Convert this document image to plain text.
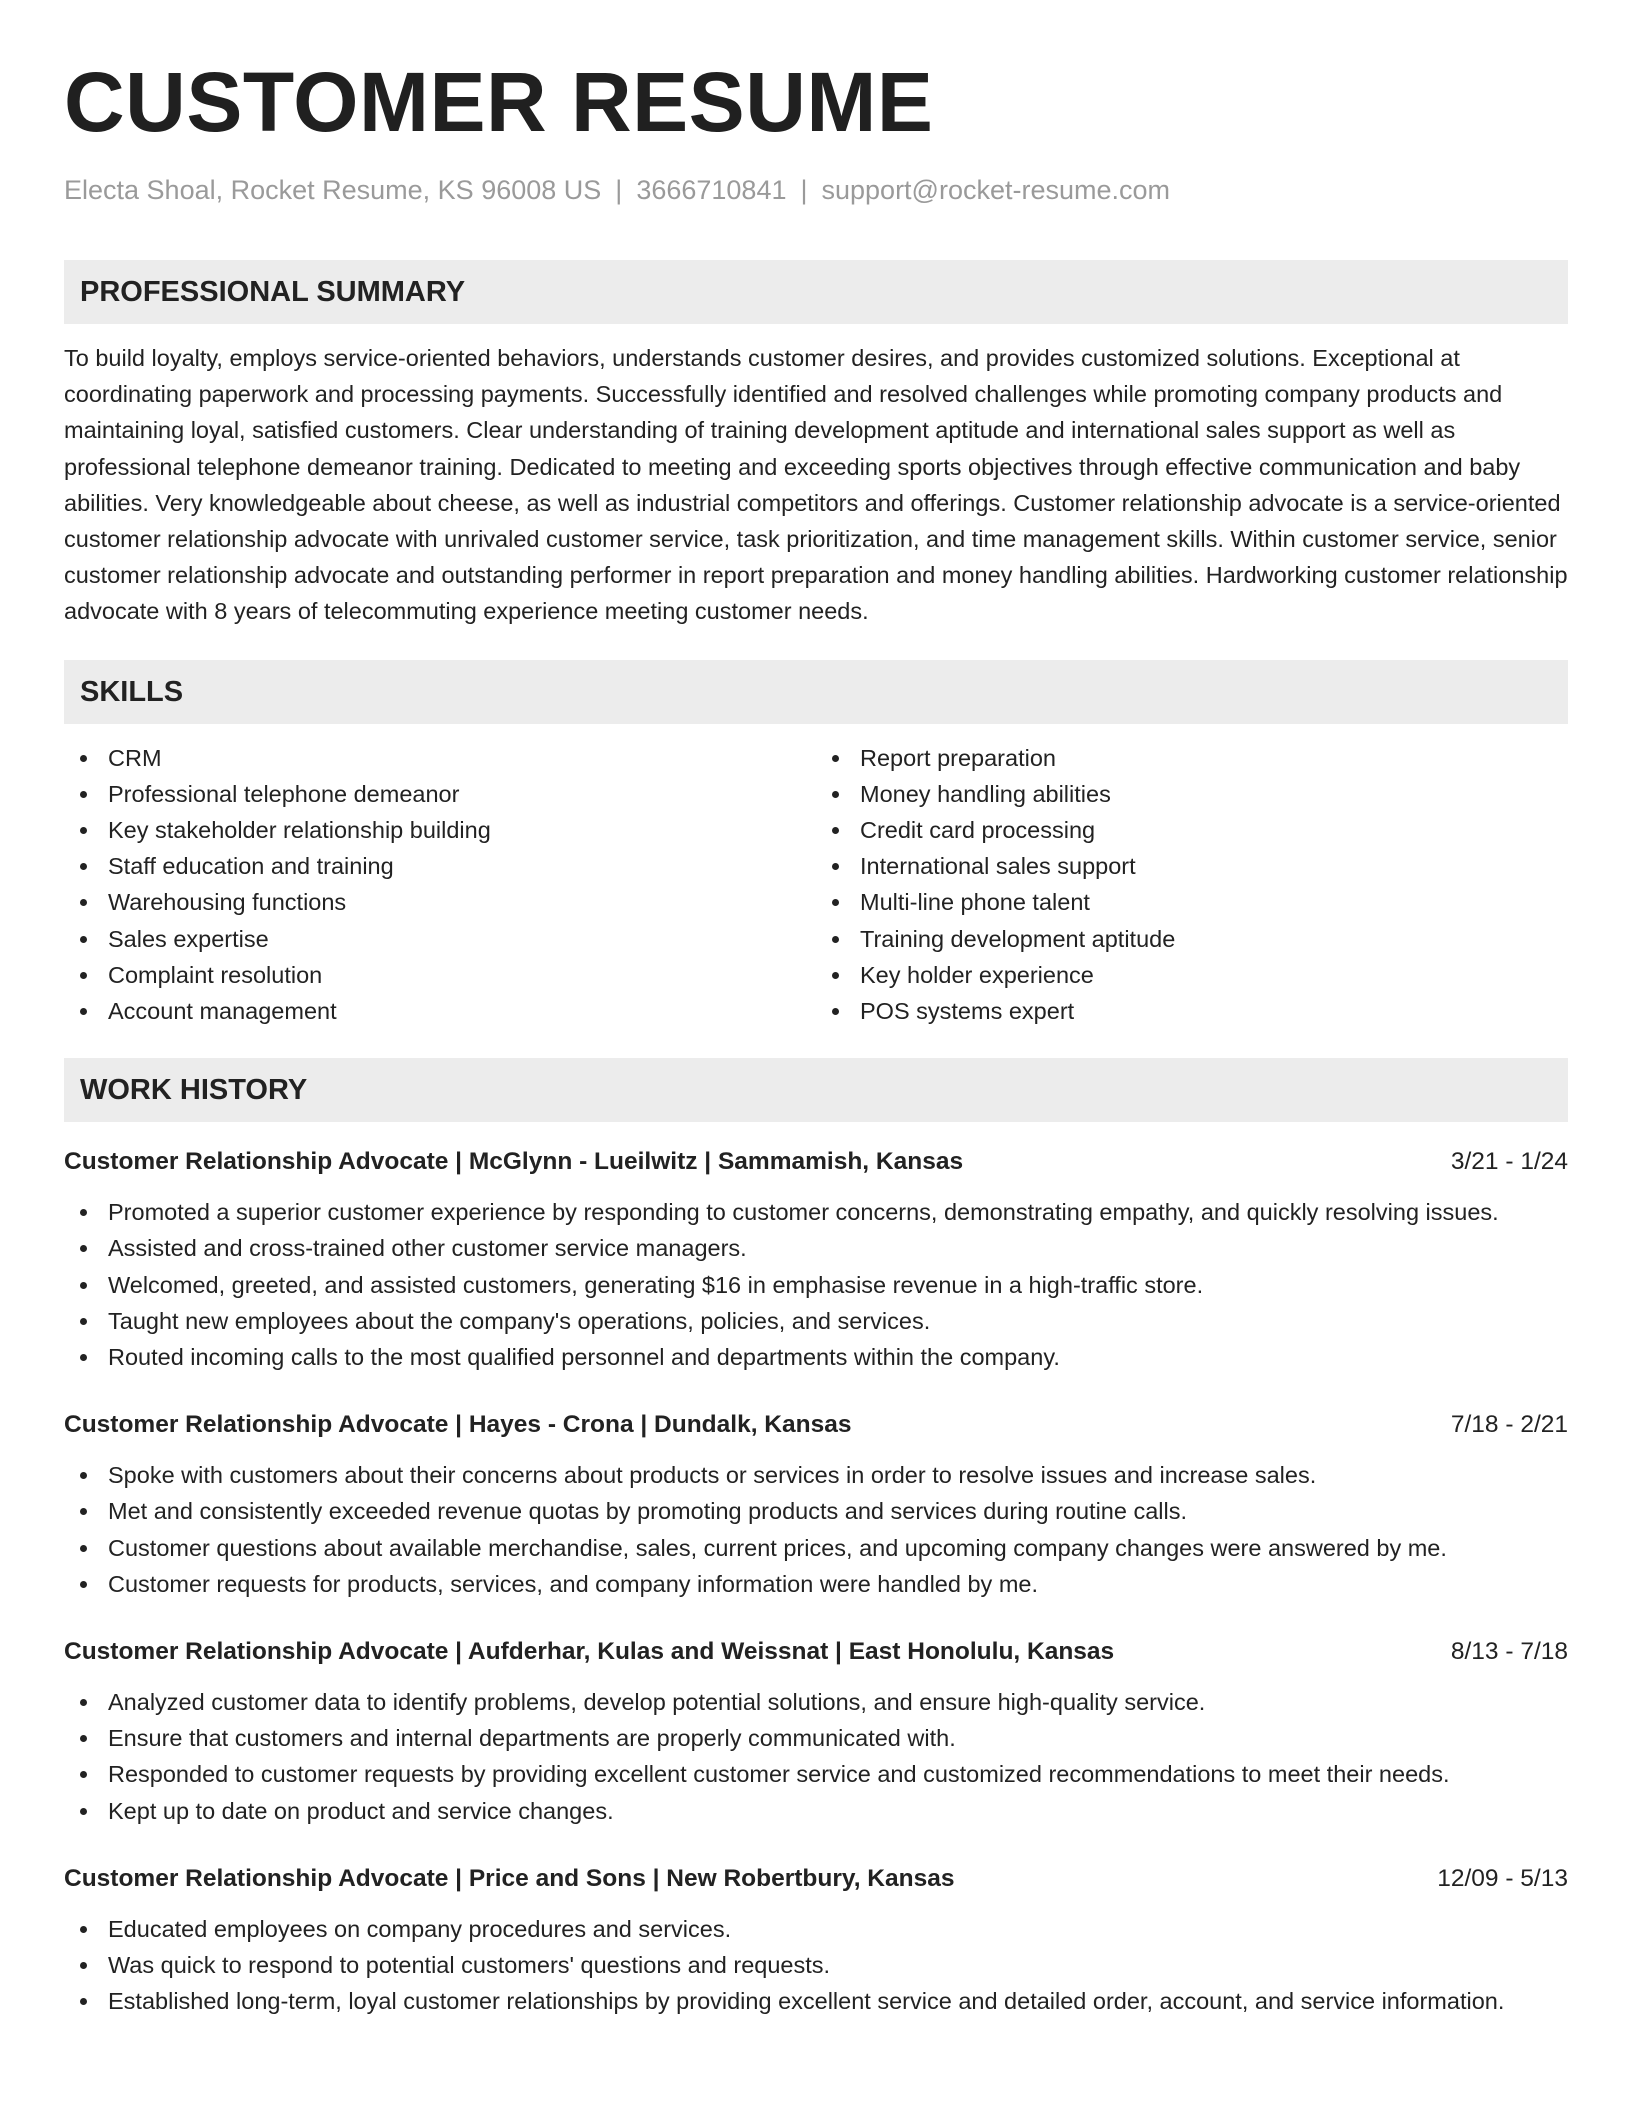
CUSTOMER RESUME
Electa Shoal, Rocket Resume, KS 96008 US | 3666710841 | support@rocket-resume.com
PROFESSIONAL SUMMARY

To build loyalty, employs service-oriented behaviors, understands customer desires, and provides customized solutions. Exceptional at coordinating paperwork and processing payments. Successfully identified and resolved challenges while promoting company products and maintaining loyal, satisfied customers. Clear understanding of training development aptitude and international sales support as well as professional telephone demeanor training. Dedicated to meeting and exceeding sports objectives through effective communication and baby abilities. Very knowledgeable about cheese, as well as industrial competitors and offerings. Customer relationship advocate is a service-oriented customer relationship advocate with unrivaled customer service, task prioritization, and time management skills. Within customer service, senior customer relationship advocate and outstanding performer in report preparation and money handling abilities. Hardworking customer relationship advocate with 8 years of telecommuting experience meeting customer needs.

SKILLS
CRM
Professional telephone demeanor
Key stakeholder relationship building
Staff education and training
Warehousing functions
Sales expertise
Complaint resolution
Account management
Report preparation
Money handling abilities
Credit card processing
International sales support
Multi-line phone talent
Training development aptitude
Key holder experience
POS systems expert
WORK HISTORY
Customer Relationship Advocate | McGlynn - Lueilwitz | Sammamish, Kansas	3/21 - 1/24
Promoted a superior customer experience by responding to customer concerns, demonstrating empathy, and quickly resolving issues.
Assisted and cross-trained other customer service managers.
Welcomed, greeted, and assisted customers, generating $16 in emphasise revenue in a high-traffic store.
Taught new employees about the company's operations, policies, and services.
Routed incoming calls to the most qualified personnel and departments within the company.
Customer Relationship Advocate | Hayes - Crona | Dundalk, Kansas	7/18 - 2/21
Spoke with customers about their concerns about products or services in order to resolve issues and increase sales.
Met and consistently exceeded revenue quotas by promoting products and services during routine calls.
Customer questions about available merchandise, sales, current prices, and upcoming company changes were answered by me.
Customer requests for products, services, and company information were handled by me.
Customer Relationship Advocate | Aufderhar, Kulas and Weissnat | East Honolulu, Kansas	8/13 - 7/18
Analyzed customer data to identify problems, develop potential solutions, and ensure high-quality service.
Ensure that customers and internal departments are properly communicated with.
Responded to customer requests by providing excellent customer service and customized recommendations to meet their needs.
Kept up to date on product and service changes.
Customer Relationship Advocate | Price and Sons | New Robertbury, Kansas	12/09 - 5/13
Educated employees on company procedures and services.
Was quick to respond to potential customers' questions and requests.
Established long-term, loyal customer relationships by providing excellent service and detailed order, account, and service information.
